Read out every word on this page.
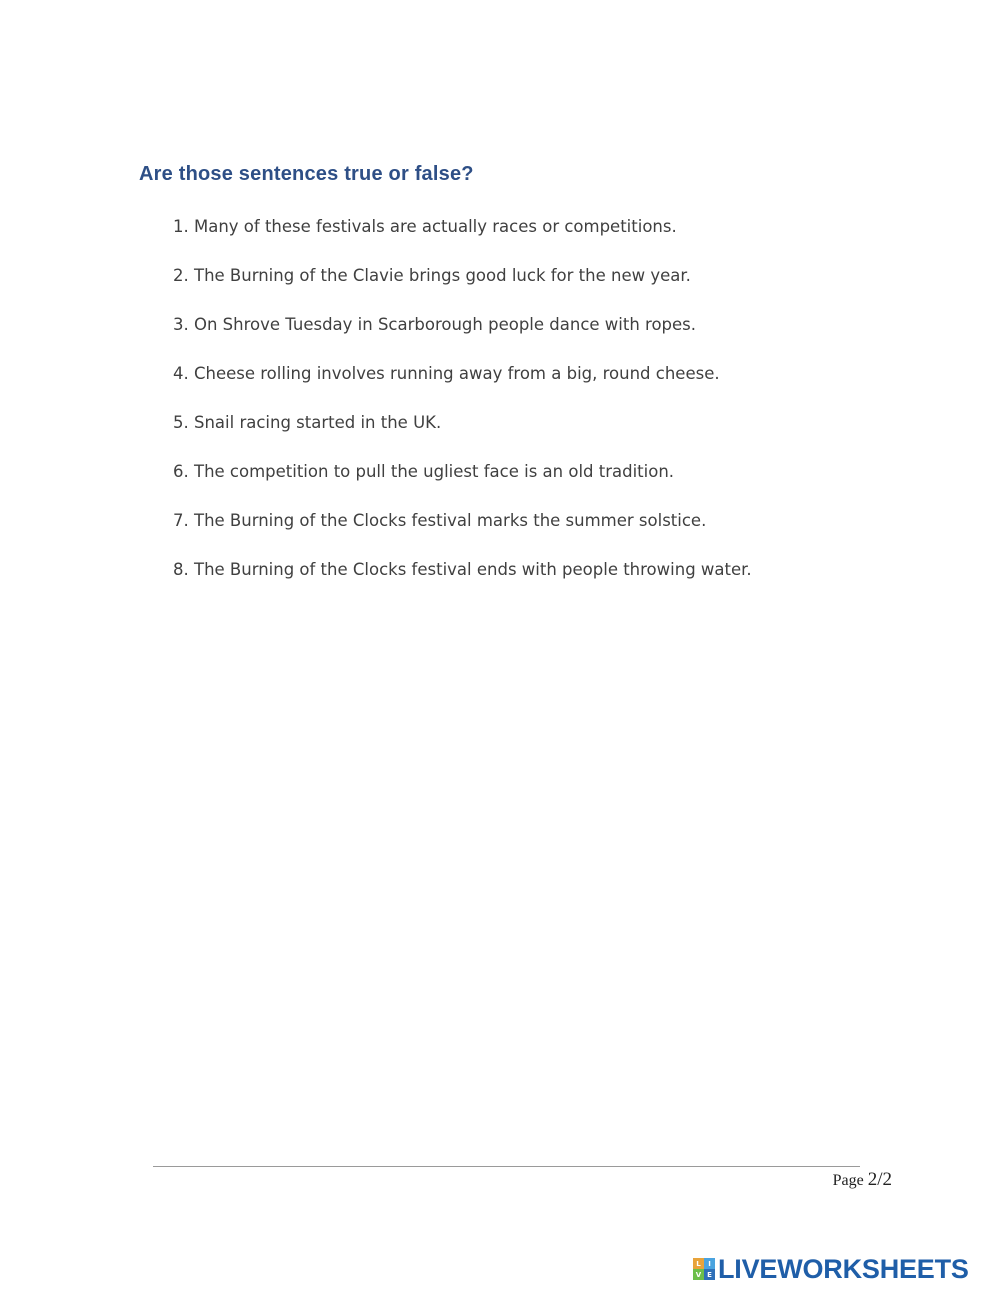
Are those sentences true or false?
1. Many of these festivals are actually races or competitions.
2. The Burning of the Clavie brings good luck for the new year.
3. On Shrove Tuesday in Scarborough people dance with ropes.
4. Cheese rolling involves running away from a big, round cheese.
5. Snail racing started in the UK.
6. The competition to pull the ugliest face is an old tradition.
7. The Burning of the Clocks festival marks the summer solstice.
8. The Burning of the Clocks festival ends with people throwing water.
Page 2/2
L	I
V E LIVEWORKSHEETS
